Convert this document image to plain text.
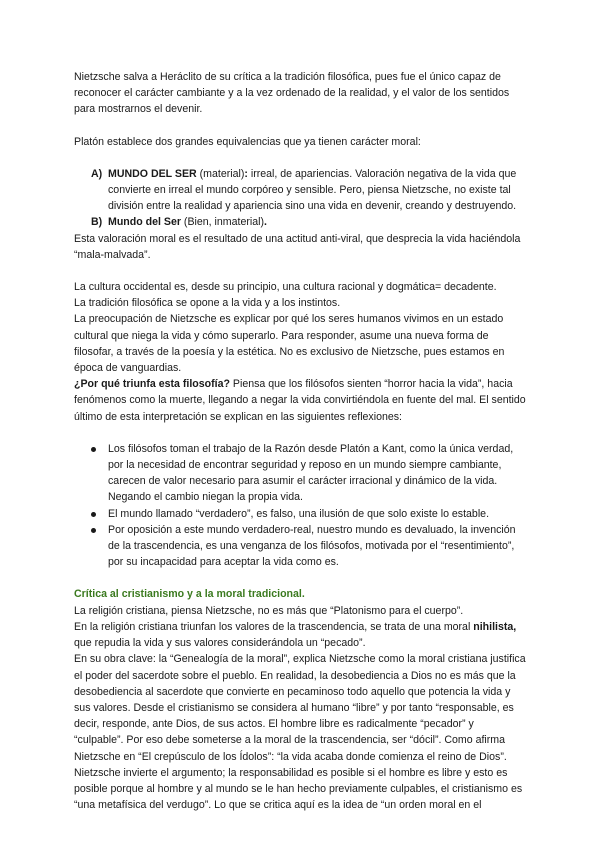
Nietzsche salva a Heráclito de su crítica a la tradición filosófica, pues fue el único capaz de reconocer el carácter cambiante y a la vez ordenado de la realidad, y el valor de los sentidos para mostrarnos el devenir.

Platón establece dos grandes equivalencias que ya tienen carácter moral:

A) MUNDO DEL SER (material): irreal, de apariencias. Valoración negativa de la vida que convierte en irreal el mundo corpóreo y sensible. Pero, piensa Nietzsche, no existe tal división entre la realidad y apariencia sino una vida en devenir, creando y destruyendo.
B) Mundo del Ser (Bien, inmaterial).

Esta valoración moral es el resultado de una actitud anti-viral, que desprecia la vida haciéndola “mala-malvada”.

La cultura occidental es, desde su principio, una cultura racional y dogmática= decadente.

La tradición filosófica se opone a la vida y a los instintos.

La preocupación de Nietzsche es explicar por qué los seres humanos vivimos en un estado cultural que niega la vida y cómo superarlo. Para responder, asume una nueva forma de filosofar, a través de la poesía y la estética. No es exclusivo de Nietzsche, pues estamos en época de vanguardias.

¿Por qué triunfa esta filosofía? Piensa que los filósofos sienten “horror hacia la vida”, hacia fenómenos como la muerte, llegando a negar la vida convirtiéndola en fuente del mal. El sentido último de esta interpretación se explican en las siguientes reflexiones:

Los filósofos toman el trabajo de la Razón desde Platón a Kant, como la única verdad, por la necesidad de encontrar seguridad y reposo en un mundo siempre cambiante, carecen de valor necesario para asumir el carácter irracional y dinámico de la vida. Negando el cambio niegan la propia vida.
El mundo llamado “verdadero”, es falso, una ilusión de que solo existe lo estable.
Por oposición a este mundo verdadero-real, nuestro mundo es devaluado, la invención de la trascendencia, es una venganza de los filósofos, motivada por el “resentimiento”, por su incapacidad para aceptar la vida como es.

Crítica al cristianismo y a la moral tradicional.

La religión cristiana, piensa Nietzsche, no es más que “Platonismo para el cuerpo”.

En la religión cristiana triunfan los valores de la trascendencia, se trata de una moral nihilista, que repudia la vida y sus valores considerándola un “pecado”.

En su obra clave: la “Genealogía de la moral”, explica Nietzsche como la moral cristiana justifica el poder del sacerdote sobre el pueblo. En realidad, la desobediencia a Dios no es más que la desobediencia al sacerdote que convierte en pecaminoso todo aquello que potencia la vida y sus valores. Desde el cristianismo se considera al humano “libre” y por tanto “responsable, es decir, responde, ante Dios, de sus actos. El hombre libre es radicalmente “pecador” y “culpable”. Por eso debe someterse a la moral de la trascendencia, ser “dócil”. Como afirma Nietzsche en “El crepúsculo de los Ídolos”: “la vida acaba donde comienza el reino de Dios”.

Nietzsche invierte el argumento; la responsabilidad es posible si el hombre es libre y esto es posible porque al hombre y al mundo se le han hecho previamente culpables, el cristianismo es “una metafísica del verdugo”. Lo que se critica aquí es la idea de “un orden moral en el
